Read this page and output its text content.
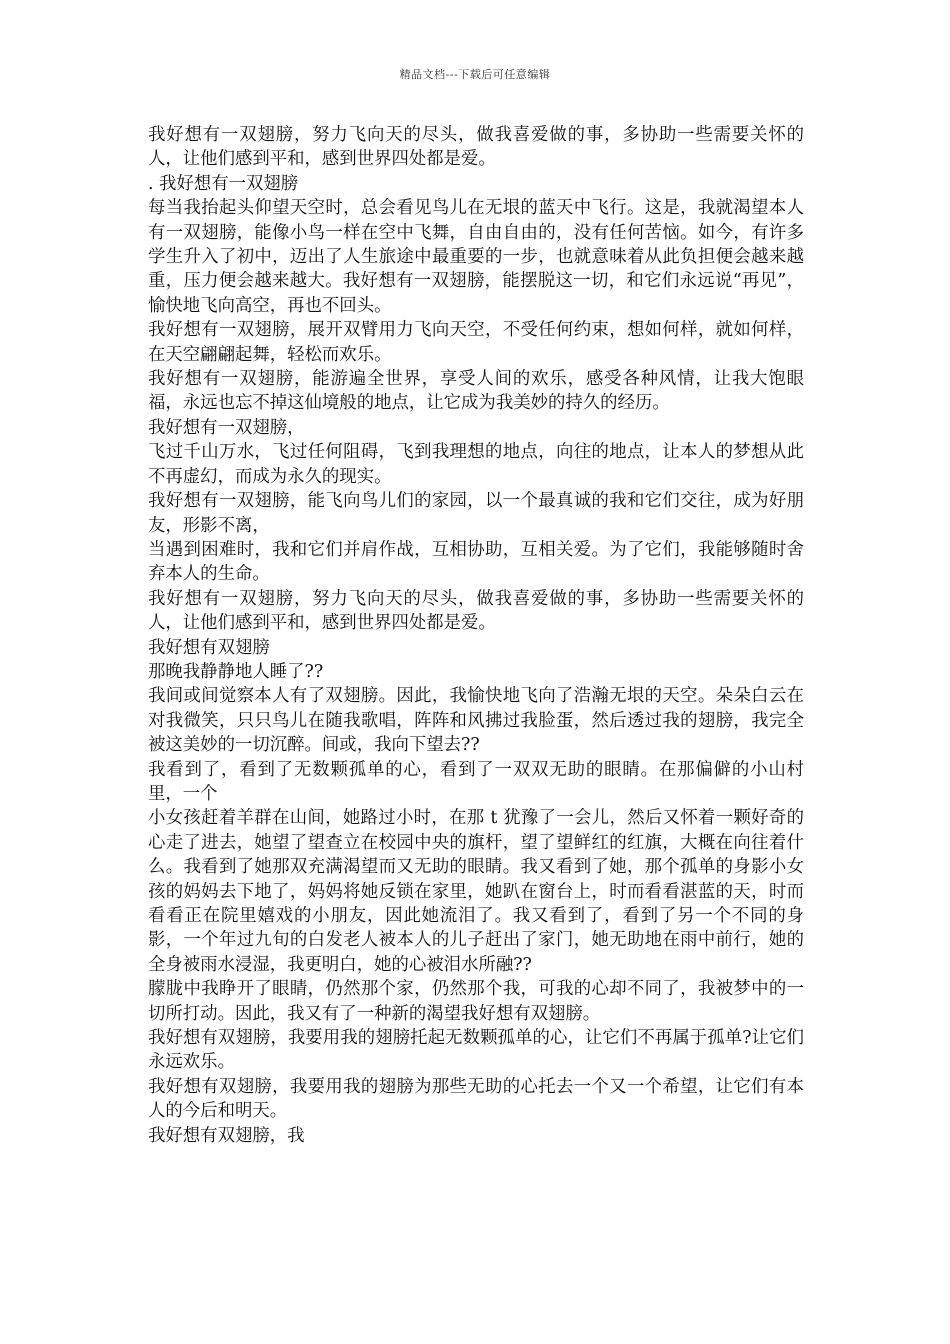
精品文档---下载后可任意编辑

我好想有一双翅膀，努力飞向天的尽头，做我喜爱做的事，多协助一些需要关怀的人，让他们感到平和，感到世界四处都是爱。

. 我好想有一双翅膀

每当我抬起头仰望天空时，总会看见鸟儿在无垠的蓝天中飞行。这是，我就渴望本人有一双翅膀，能像小鸟一样在空中飞舞，自由自由的，没有任何苦恼。如今，有许多学生升入了初中，迈出了人生旅途中最重要的一步，也就意味着从此负担便会越来越重，压力便会越来越大。我好想有一双翅膀，能摆脱这一切，和它们永远说“再见”，愉快地飞向高空，再也不回头。

我好想有一双翅膀，展开双臂用力飞向天空，不受任何约束，想如何样，就如何样，在天空翩翩起舞，轻松而欢乐。

我好想有一双翅膀，能游遍全世界，享受人间的欢乐，感受各种风情，让我大饱眼福，永远也忘不掉这仙境般的地点，让它成为我美妙的持久的经历。

我好想有一双翅膀，

飞过千山万水，飞过任何阻碍，飞到我理想的地点，向往的地点，让本人的梦想从此不再虚幻，而成为永久的现实。

我好想有一双翅膀，能飞向鸟儿们的家园，以一个最真诚的我和它们交往，成为好朋友，形影不离，

当遇到困难时，我和它们并肩作战，互相协助，互相关爱。为了它们，我能够随时舍弃本人的生命。

我好想有一双翅膀，努力飞向天的尽头，做我喜爱做的事，多协助一些需要关怀的人，让他们感到平和，感到世界四处都是爱。

我好想有双翅膀

那晚我静静地人睡了??

我间或间觉察本人有了双翅膀。因此，我愉快地飞向了浩瀚无垠的天空。朵朵白云在对我微笑，只只鸟儿在随我歌唱，阵阵和风拂过我脸蛋，然后透过我的翅膀，我完全被这美妙的一切沉醉。间或，我向下望去??

我看到了，看到了无数颗孤单的心，看到了一双双无助的眼睛。在那偏僻的小山村里，一个

小女孩赶着羊群在山间，她路过小时，在那 t 犹豫了一会儿，然后又怀着一颗好奇的心走了进去，她望了望查立在校园中央的旗杆，望了望鲜红的红旗，大概在向往着什么。我看到了她那双充满渴望而又无助的眼睛。我又看到了她，那个孤单的身影小女孩的妈妈去下地了，妈妈将她反锁在家里，她趴在窗台上，时而看看湛蓝的天，时而看看正在院里嬉戏的小朋友，因此她流泪了。我又看到了，看到了另一个不同的身影，一个年过九旬的白发老人被本人的儿子赶出了家门，她无助地在雨中前行，她的全身被雨水浸湿，我更明白，她的心被泪水所融??

朦胧中我睁开了眼睛，仍然那个家，仍然那个我，可我的心却不同了，我被梦中的一切所打动。因此，我又有了一种新的渴望我好想有双翅膀。

我好想有双翅膀，我要用我的翅膀托起无数颗孤单的心，让它们不再属于孤单?让它们永远欢乐。

我好想有双翅膀，我要用我的翅膀为那些无助的心托去一个又一个希望，让它们有本人的今后和明天。

我好想有双翅膀，我
